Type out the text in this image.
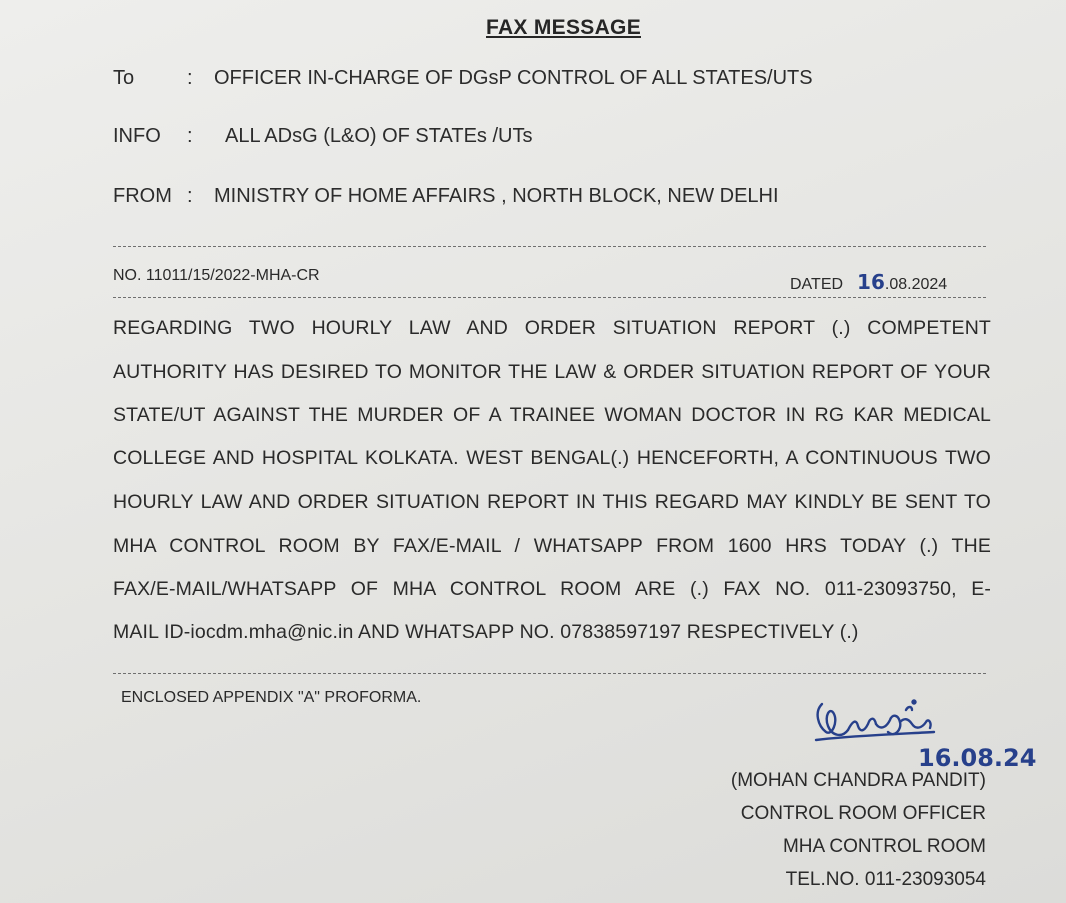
FAX MESSAGE
To	: OFFICER IN-CHARGE OF DGsP CONTROL OF ALL STATES/UTS
INFO : ALL ADsG (L&O) OF STATEs /UTs
FROM : MINISTRY OF HOME AFFAIRS , NORTH BLOCK, NEW DELHI
NO. 11011/15/2022-MHA-CR
DATED 16.08.2024
REGARDING TWO HOURLY LAW AND ORDER SITUATION REPORT (.) COMPETENT
AUTHORITY HAS DESIRED TO MONITOR THE LAW & ORDER SITUATION REPORT OF YOUR
STATE/UT AGAINST THE MURDER OF A TRAINEE WOMAN DOCTOR IN RG KAR MEDICAL
COLLEGE AND HOSPITAL KOLKATA. WEST BENGAL(.) HENCEFORTH, A CONTINUOUS TWO
HOURLY LAW AND ORDER SITUATION REPORT IN THIS REGARD MAY KINDLY BE SENT TO
MHA CONTROL ROOM BY FAX/E-MAIL / WHATSAPP FROM 1600 HRS TODAY (.) THE
FAX/E-MAIL/WHATSAPP OF MHA CONTROL ROOM ARE (.) FAX NO. 011-23093750, E-
MAIL ID-iocdm.mha@nic.in AND WHATSAPP NO. 07838597197 RESPECTIVELY (.)
ENCLOSED APPENDIX "A" PROFORMA.
16.08.24
(MOHAN CHANDRA PANDIT)
CONTROL ROOM OFFICER
MHA CONTROL ROOM
TEL.NO. 011-23093054
